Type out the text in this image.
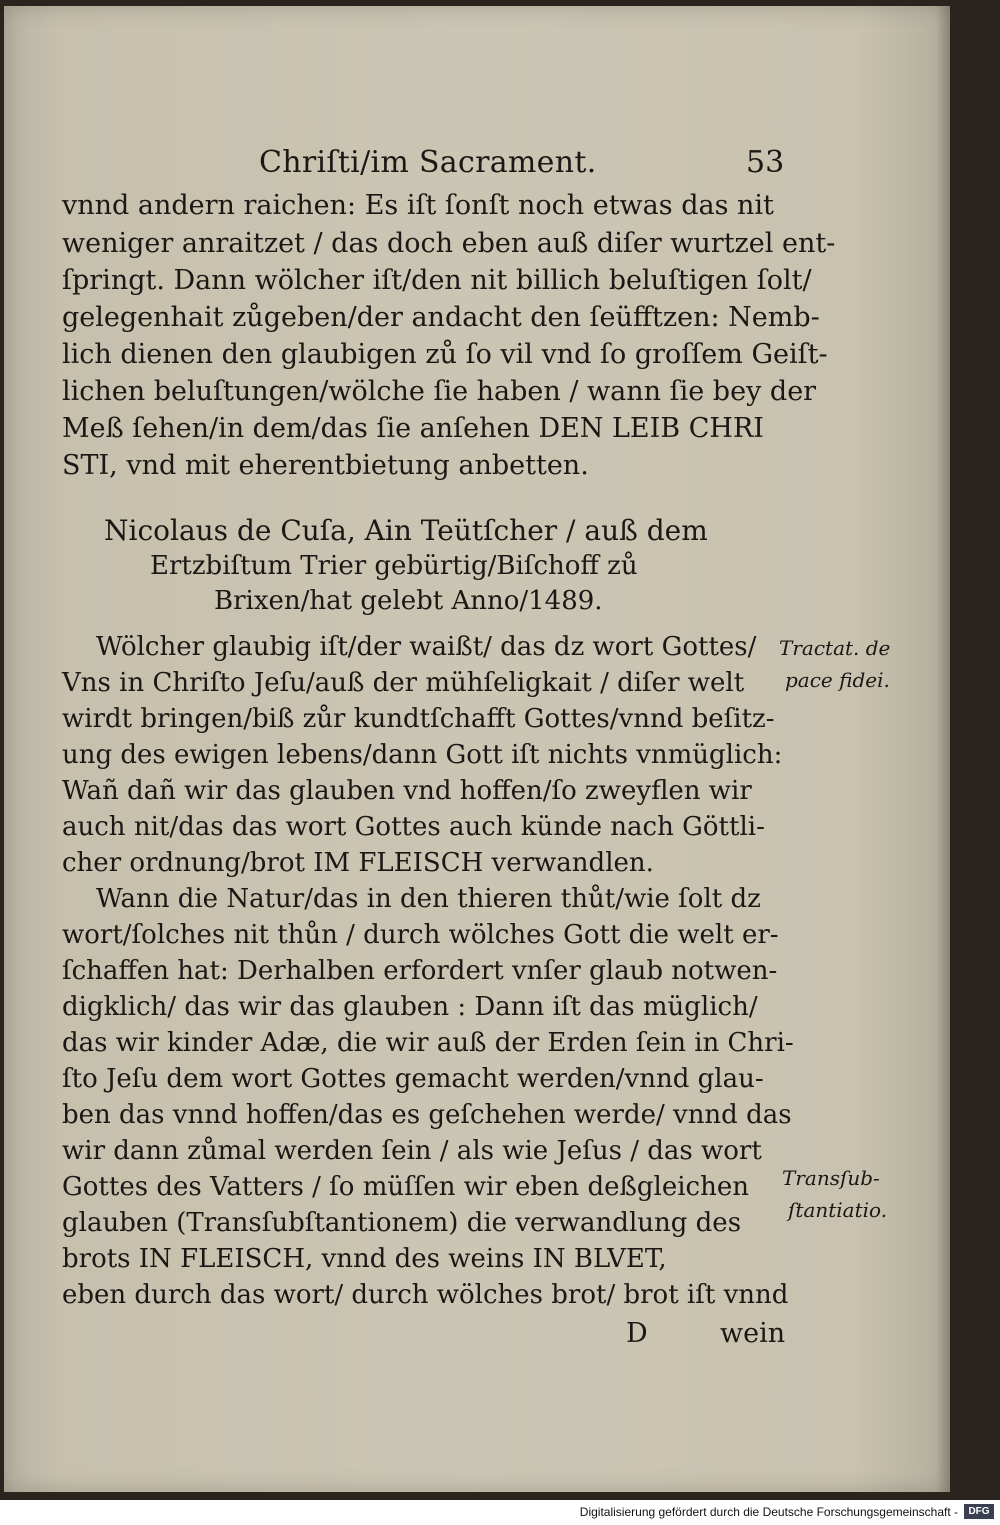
Chriſti/im Sacrament.	53
vnnd andern raichen: Es iſt ſonſt noch etwas das nit
weniger anraitzet / das doch eben auß diſer wurtzel ent-
ſpringt. Dann wölcher iſt/den nit billich beluſtigen ſolt/
gelegenhait zůgeben/der andacht den ſeüfftzen: Nemb-
lich dienen den glaubigen zů ſo vil vnd ſo groſſem Geiſt-
lichen beluſtungen/wölche ſie haben / wann ſie bey der
Meß ſehen/in dem/das ſie anſehen DEN LEIB CHRI
STI, vnd mit eherentbietung anbetten.
Nicolaus de Cuſa, Ain Teütſcher / auß dem
Ertzbiſtum Trier gebürtig/Biſchoff zů
Brixen/hat gelebt Anno/1489.
Wölcher glaubig iſt/der waißt/ das dz wort Gottes/
Vns in Chriſto Jeſu/auß der mühſeligkait / diſer welt
wirdt bringen/biß zůr kundtſchafft Gottes/vnnd beſitz-
ung des ewigen lebens/dann Gott iſt nichts vnmüglich:
Wañ dañ wir das glauben vnd hoffen/ſo zweyflen wir
auch nit/das das wort Gottes auch künde nach Göttli-
cher ordnung/brot IM FLEISCH verwandlen.
Wann die Natur/das in den thieren thůt/wie ſolt dz
wort/ſolches nit thůn / durch wölches Gott die welt er-
ſchaffen hat: Derhalben erfordert vnſer glaub notwen-
digklich/ das wir das glauben : Dann iſt das müglich/
das wir kinder Adæ, die wir auß der Erden ſein in Chri-
ſto Jeſu dem wort Gottes gemacht werden/vnnd glau-
ben das vnnd hoffen/das es geſchehen werde/ vnnd das
wir dann zůmal werden ſein / als wie Jeſus / das wort
Gottes des Vatters / ſo müſſen wir eben deßgleichen
glauben (Transſubſtantionem) die verwandlung des
brots IN FLEISCH, vnnd des weins IN BLVET,
eben durch das wort/ durch wölches brot/ brot iſt vnnd
Tractat. de
pace fidei.
Transſub-
ſtantiatio.
D	wein
Digitalisierung gefördert durch die Deutsche Forschungsgemeinschaft -	DFG
